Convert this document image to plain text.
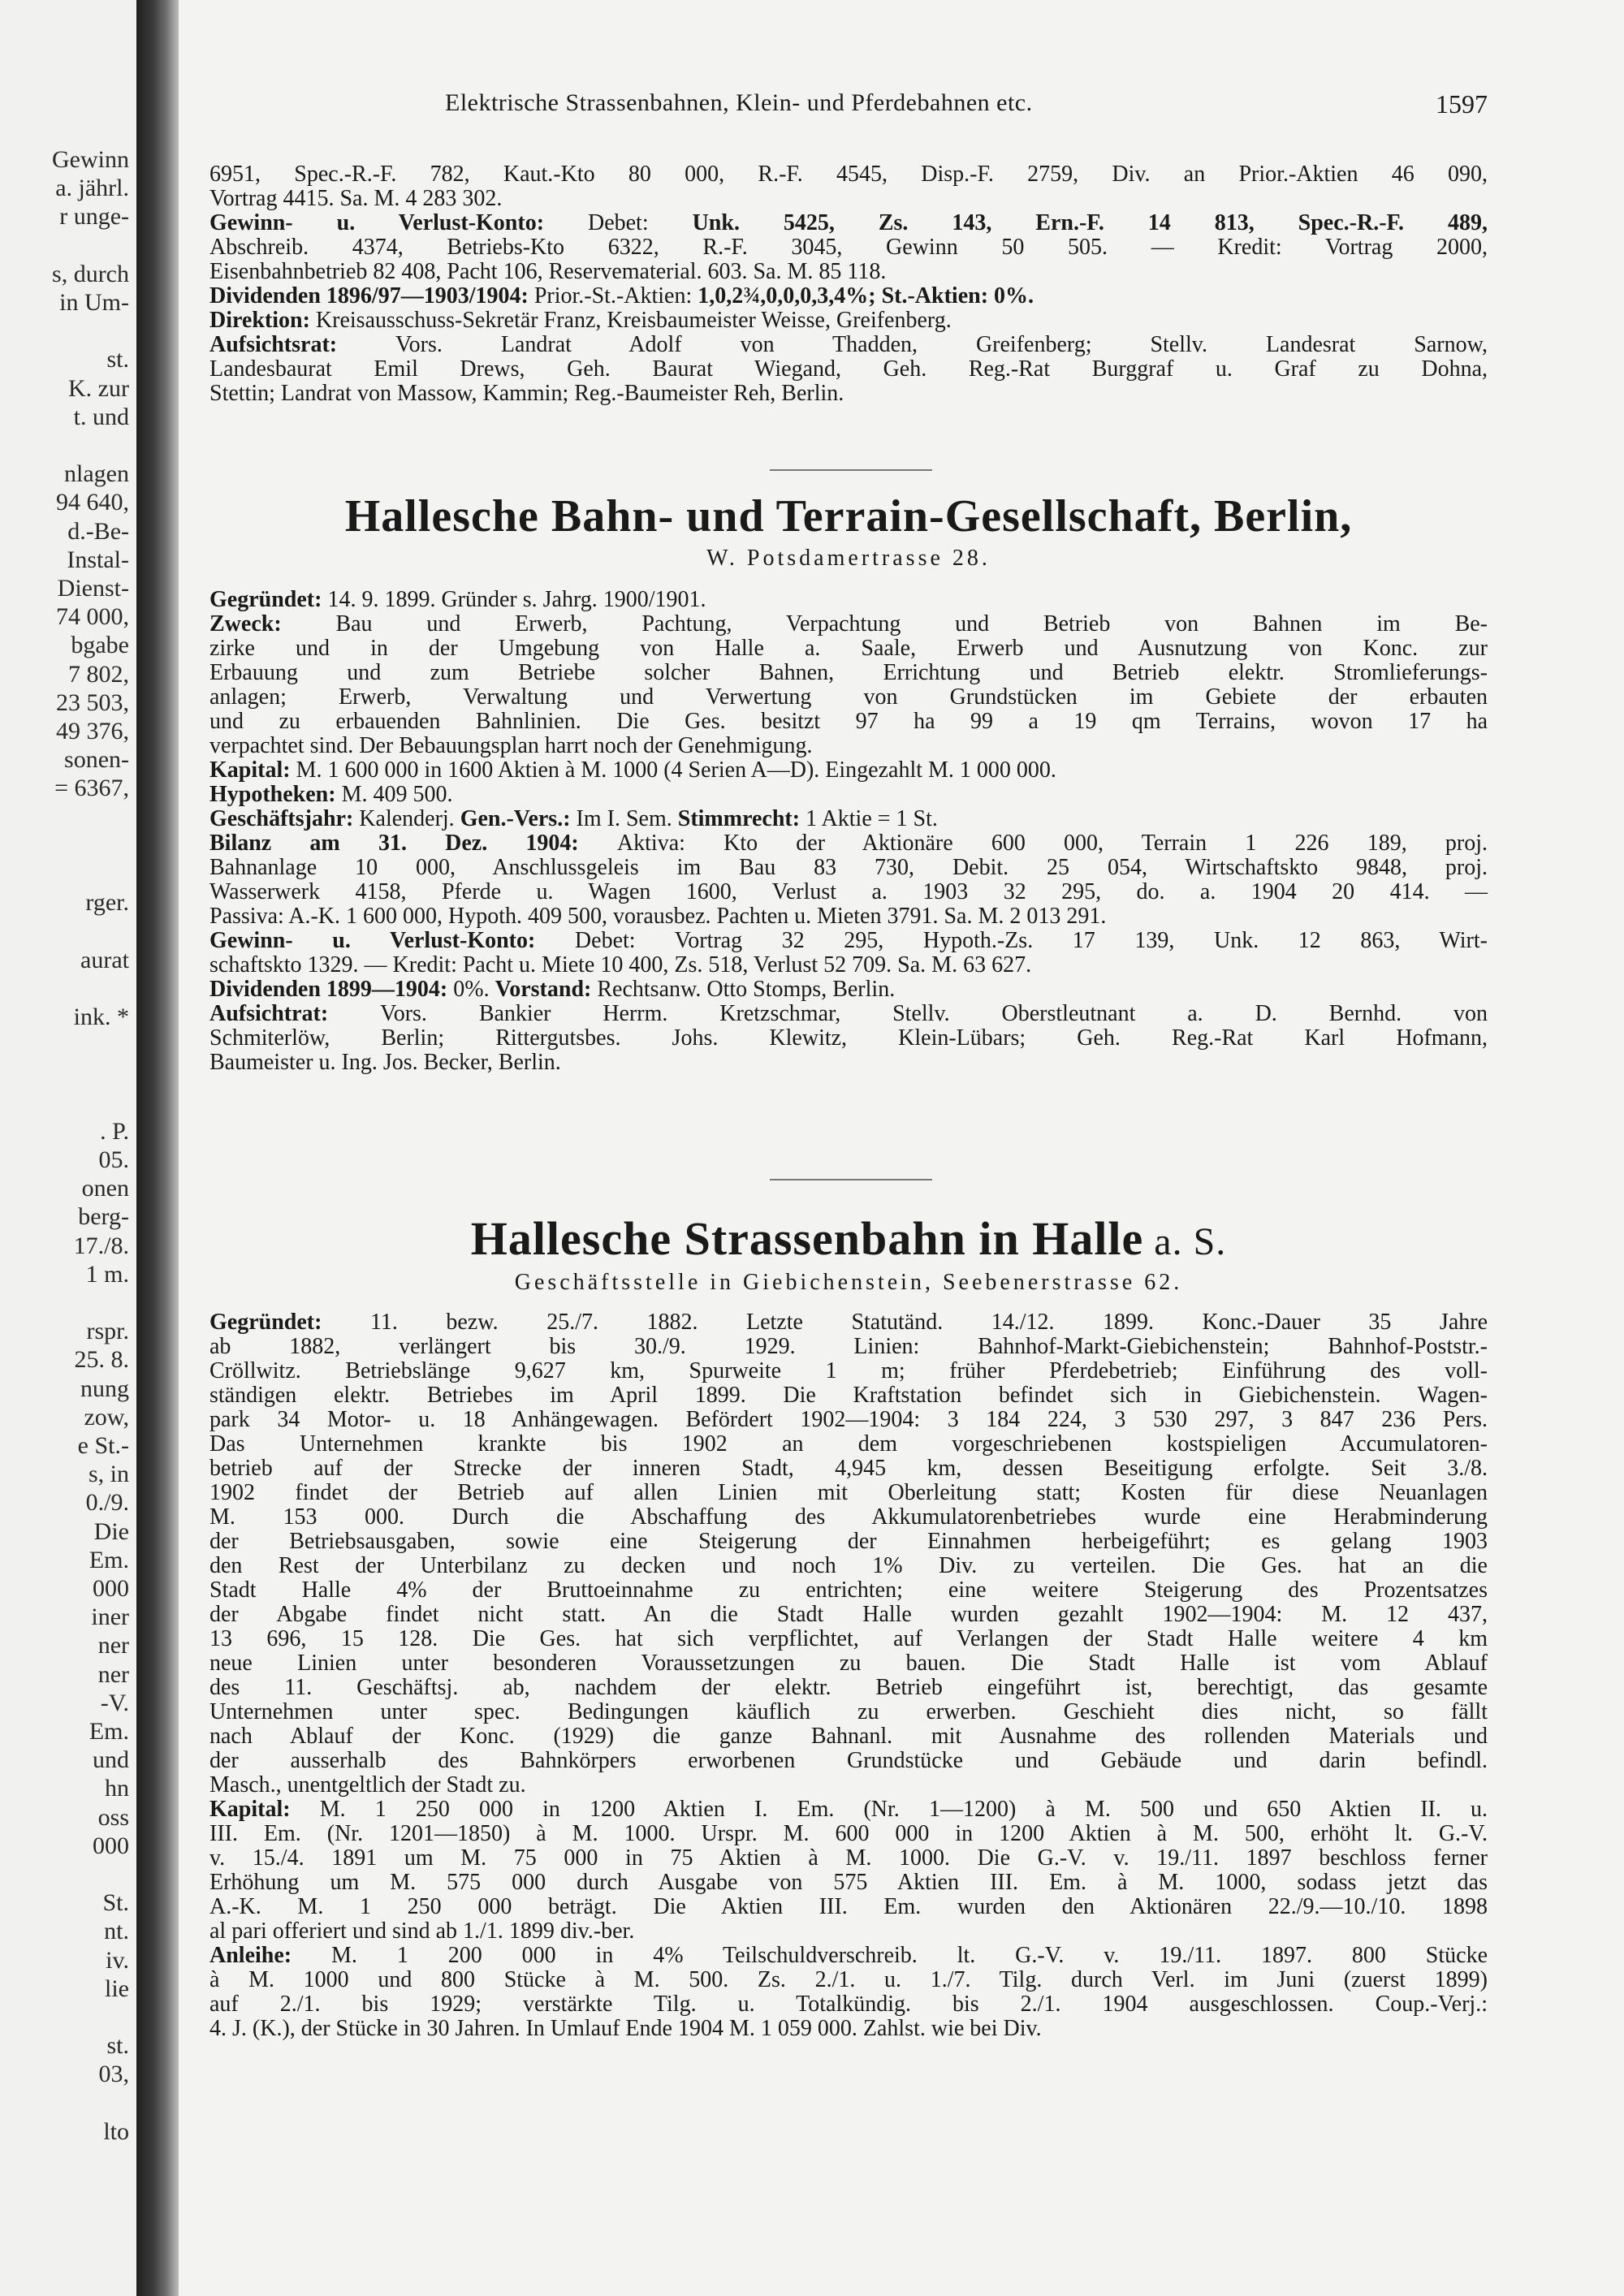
Gewinn
a. jährl.
r unge-
s, durch
in Um-
st.
K. zur
t. und
nlagen
94 640,
d.-Be-
Instal-
Dienst-
74 000,
bgabe
7 802,
23 503,
49 376,
sonen-
= 6367,
rger.
aurat
ink. *
. P.
05.
onen
berg-
17./8.
1 m.
rspr.
25. 8.
nung
zow,
e St.-
s, in
0./9.
Die
Em.
000
iner
ner
ner
-V.
Em.
und
hn
oss
000
St.
nt.
iv.
lie
st.
03,
lto
Elektrische Strassenbahnen, Klein- und Pferdebahnen etc.	1597

6951, Spec.-R.-F. 782, Kaut.-Kto 80 000, R.-F. 4545, Disp.-F. 2759, Div. an Prior.-Aktien 46 090,

Vortrag 4415. Sa. M. 4 283 302.

Gewinn- u. Verlust-Konto: Debet: Unk. 5425, Zs. 143, Ern.-F. 14 813, Spec.-R.-F. 489,

Abschreib. 4374, Betriebs-Kto 6322, R.-F. 3045, Gewinn 50 505. — Kredit: Vortrag 2000,

Eisenbahnbetrieb 82 408, Pacht 106, Reservematerial. 603. Sa. M. 85 118.

Dividenden 1896/97—1903/1904: Prior.-St.-Aktien: 1,0,2¾,0,0,0,3,4%; St.-Aktien: 0%.

Direktion: Kreisausschuss-Sekretär Franz, Kreisbaumeister Weisse, Greifenberg.

Aufsichtsrat: Vors. Landrat Adolf von Thadden, Greifenberg; Stellv. Landesrat Sarnow,

Landesbaurat Emil Drews, Geh. Baurat Wiegand, Geh. Reg.-Rat Burggraf u. Graf zu Dohna,

Stettin; Landrat von Massow, Kammin; Reg.-Baumeister Reh, Berlin.

Hallesche Bahn- und Terrain-Gesellschaft, Berlin,
W. Potsdamertrasse 28.

Gegründet: 14. 9. 1899. Gründer s. Jahrg. 1900/1901.

Zweck: Bau und Erwerb, Pachtung, Verpachtung und Betrieb von Bahnen im Be-

zirke und in der Umgebung von Halle a. Saale, Erwerb und Ausnutzung von Konc. zur

Erbauung und zum Betriebe solcher Bahnen, Errichtung und Betrieb elektr. Stromlieferungs-

anlagen; Erwerb, Verwaltung und Verwertung von Grundstücken im Gebiete der erbauten

und zu erbauenden Bahnlinien. Die Ges. besitzt 97 ha 99 a 19 qm Terrains, wovon 17 ha

verpachtet sind. Der Bebauungsplan harrt noch der Genehmigung.

Kapital: M. 1 600 000 in 1600 Aktien à M. 1000 (4 Serien A—D). Eingezahlt M. 1 000 000.

Hypotheken: M. 409 500.

Geschäftsjahr: Kalenderj. Gen.-Vers.: Im I. Sem. Stimmrecht: 1 Aktie = 1 St.

Bilanz am 31. Dez. 1904: Aktiva: Kto der Aktionäre 600 000, Terrain 1 226 189, proj.

Bahnanlage 10 000, Anschlussgeleis im Bau 83 730, Debit. 25 054, Wirtschaftskto 9848, proj.

Wasserwerk 4158, Pferde u. Wagen 1600, Verlust a. 1903 32 295, do. a. 1904 20 414. —

Passiva: A.-K. 1 600 000, Hypoth. 409 500, vorausbez. Pachten u. Mieten 3791. Sa. M. 2 013 291.

Gewinn- u. Verlust-Konto: Debet: Vortrag 32 295, Hypoth.-Zs. 17 139, Unk. 12 863, Wirt-

schaftskto 1329. — Kredit: Pacht u. Miete 10 400, Zs. 518, Verlust 52 709. Sa. M. 63 627.

Dividenden 1899—1904: 0%. Vorstand: Rechtsanw. Otto Stomps, Berlin.

Aufsichtrat: Vors. Bankier Herrm. Kretzschmar, Stellv. Oberstleutnant a. D. Bernhd. von

Schmiterlöw, Berlin; Rittergutsbes. Johs. Klewitz, Klein-Lübars; Geh. Reg.-Rat Karl Hofmann,

Baumeister u. Ing. Jos. Becker, Berlin.

Hallesche Strassenbahn in Halle a. S.
Geschäftsstelle in Giebichenstein, Seebenerstrasse 62.

Gegründet: 11. bezw. 25./7. 1882. Letzte Statutänd. 14./12. 1899. Konc.-Dauer 35 Jahre

ab 1882, verlängert bis 30./9. 1929. Linien: Bahnhof-Markt-Giebichenstein; Bahnhof-Poststr.-

Cröllwitz. Betriebslänge 9,627 km, Spurweite 1 m; früher Pferdebetrieb; Einführung des voll-

ständigen elektr. Betriebes im April 1899. Die Kraftstation befindet sich in Giebichenstein. Wagen-

park 34 Motor- u. 18 Anhängewagen. Befördert 1902—1904: 3 184 224, 3 530 297, 3 847 236 Pers.

Das Unternehmen krankte bis 1902 an dem vorgeschriebenen kostspieligen Accumulatoren-

betrieb auf der Strecke der inneren Stadt, 4,945 km, dessen Beseitigung erfolgte. Seit 3./8.

1902 findet der Betrieb auf allen Linien mit Oberleitung statt; Kosten für diese Neuanlagen

M. 153 000. Durch die Abschaffung des Akkumulatorenbetriebes wurde eine Herabminderung

der Betriebsausgaben, sowie eine Steigerung der Einnahmen herbeigeführt; es gelang 1903

den Rest der Unterbilanz zu decken und noch 1% Div. zu verteilen. Die Ges. hat an die

Stadt Halle 4% der Bruttoeinnahme zu entrichten; eine weitere Steigerung des Prozentsatzes

der Abgabe findet nicht statt. An die Stadt Halle wurden gezahlt 1902—1904: M. 12 437,

13 696, 15 128. Die Ges. hat sich verpflichtet, auf Verlangen der Stadt Halle weitere 4 km

neue Linien unter besonderen Voraussetzungen zu bauen. Die Stadt Halle ist vom Ablauf

des 11. Geschäftsj. ab, nachdem der elektr. Betrieb eingeführt ist, berechtigt, das gesamte

Unternehmen unter spec. Bedingungen käuflich zu erwerben. Geschieht dies nicht, so fällt

nach Ablauf der Konc. (1929) die ganze Bahnanl. mit Ausnahme des rollenden Materials und

der ausserhalb des Bahnkörpers erworbenen Grundstücke und Gebäude und darin befindl.

Masch., unentgeltlich der Stadt zu.

Kapital: M. 1 250 000 in 1200 Aktien I. Em. (Nr. 1—1200) à M. 500 und 650 Aktien II. u.

III. Em. (Nr. 1201—1850) à M. 1000. Urspr. M. 600 000 in 1200 Aktien à M. 500, erhöht lt. G.-V.

v. 15./4. 1891 um M. 75 000 in 75 Aktien à M. 1000. Die G.-V. v. 19./11. 1897 beschloss ferner

Erhöhung um M. 575 000 durch Ausgabe von 575 Aktien III. Em. à M. 1000, sodass jetzt das

A.-K. M. 1 250 000 beträgt. Die Aktien III. Em. wurden den Aktionären 22./9.—10./10. 1898

al pari offeriert und sind ab 1./1. 1899 div.-ber.

Anleihe: M. 1 200 000 in 4% Teilschuldverschreib. lt. G.-V. v. 19./11. 1897. 800 Stücke

à M. 1000 und 800 Stücke à M. 500. Zs. 2./1. u. 1./7. Tilg. durch Verl. im Juni (zuerst 1899)

auf 2./1. bis 1929; verstärkte Tilg. u. Totalkündig. bis 2./1. 1904 ausgeschlossen. Coup.-Verj.:

4. J. (K.), der Stücke in 30 Jahren. In Umlauf Ende 1904 M. 1 059 000. Zahlst. wie bei Div.
